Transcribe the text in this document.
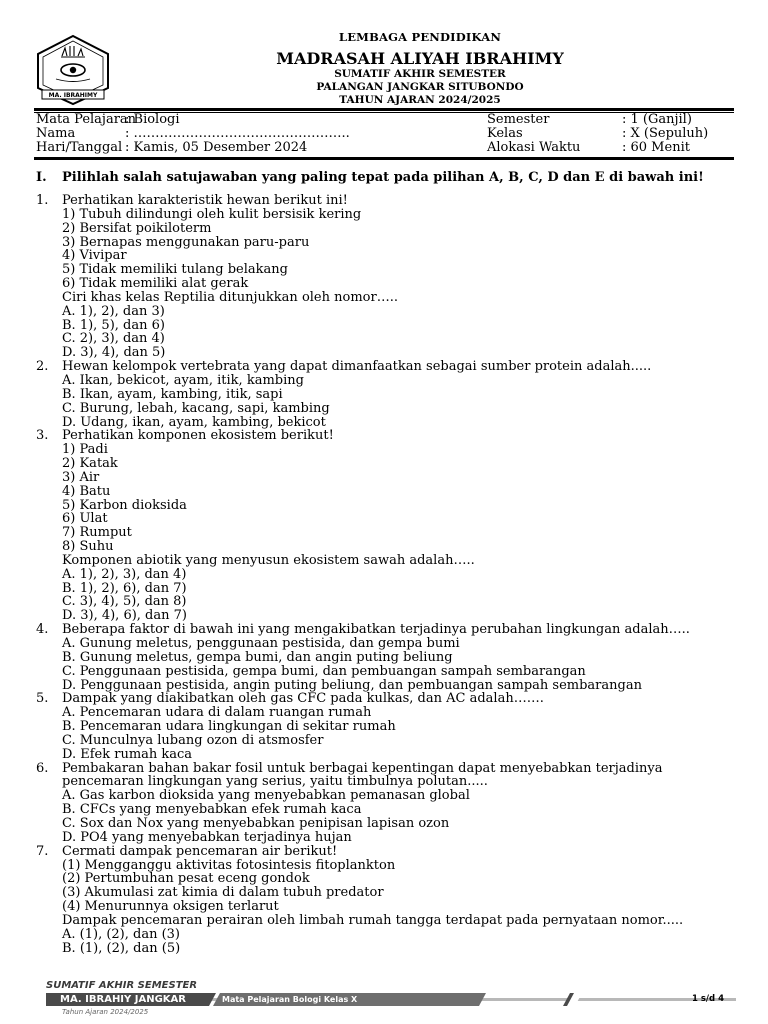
MA. IBRAHIMY
LEMBAGA PENDIDIKAN
MADRASAH ALIYAH IBRAHIMY
SUMATIF AKHIR SEMESTER
PALANGAN JANGKAR SITUBONDO
TAHUN AJARAN 2024/2025
Mata Pelajaran
: Biologi
Nama	: …………………………………………..
Hari/Tanggal : Kamis, 05 Desember 2024
Semester	: 1 (Ganjil)
Kelas	: X (Sepuluh)
Alokasi Waktu	: 60 Menit
I. Pilihlah salah satujawaban yang paling tepat pada pilihan A, B, C, D dan E di bawah ini!
1. Perhatikan karakteristik hewan berikut ini!
1) Tubuh dilindungi oleh kulit bersisik kering
2) Bersifat poikiloterm
3) Bernapas menggunakan paru-paru
4) Vivipar
5) Tidak memiliki tulang belakang
6) Tidak memiliki alat gerak
Ciri khas kelas Reptilia ditunjukkan oleh nomor…..
A. 1), 2), dan 3)
B. 1), 5), dan 6)
C. 2), 3), dan 4)
D. 3), 4), dan 5)
2. Hewan kelompok vertebrata yang dapat dimanfaatkan sebagai sumber protein adalah.....
A. Ikan, bekicot, ayam, itik, kambing
B. Ikan, ayam, kambing, itik, sapi
C. Burung, lebah, kacang, sapi, kambing
D. Udang, ikan, ayam, kambing, bekicot
3. Perhatikan komponen ekosistem berikut!
1) Padi
2) Katak
3) Air
4) Batu
5) Karbon dioksida
6) Ulat
7) Rumput
8) Suhu
Komponen abiotik yang menyusun ekosistem sawah adalah…..
A. 1), 2), 3), dan 4)
B. 1), 2), 6), dan 7)
C. 3), 4), 5), dan 8)
D. 3), 4), 6), dan 7)
4. Beberapa faktor di bawah ini yang mengakibatkan terjadinya perubahan lingkungan adalah…..
A. Gunung meletus, penggunaan pestisida, dan gempa bumi
B. Gunung meletus, gempa bumi, dan angin puting beliung
C. Penggunaan pestisida, gempa bumi, dan pembuangan sampah sembarangan
D. Penggunaan pestisida, angin puting beliung, dan pembuangan sampah sembarangan
5. Dampak yang diakibatkan oleh gas CFC pada kulkas, dan AC adalah…….
A. Pencemaran udara di dalam ruangan rumah
B. Pencemaran udara lingkungan di sekitar rumah
C. Munculnya lubang ozon di atsmosfer
D. Efek rumah kaca
6. Pembakaran bahan bakar fosil untuk berbagai kepentingan dapat menyebabkan terjadinya pencemaran lingkungan yang serius, yaitu timbulnya polutan.....
A. Gas karbon dioksida yang menyebabkan pemanasan global
B. CFCs yang menyebabkan efek rumah kaca
C. Sox dan Nox yang menyebabkan penipisan lapisan ozon
D. PO4 yang menyebabkan terjadinya hujan
7. Cermati dampak pencemaran air berikut!
(1) Mengganggu aktivitas fotosintesis fitoplankton
(2) Pertumbuhan pesat eceng gondok
(3) Akumulasi zat kimia di dalam tubuh predator
(4) Menurunnya oksigen terlarut
Dampak pencemaran perairan oleh limbah rumah tangga terdapat pada pernyataan nomor.....
A. (1), (2), dan (3)
B. (1), (2), dan (5)
SUMATIF AKHIR SEMESTER
MA. IBRAHIY JANGKAR	Mata Pelajaran Bologi Kelas X	1 s/d 4
Tahun Ajaran 2024/2025
